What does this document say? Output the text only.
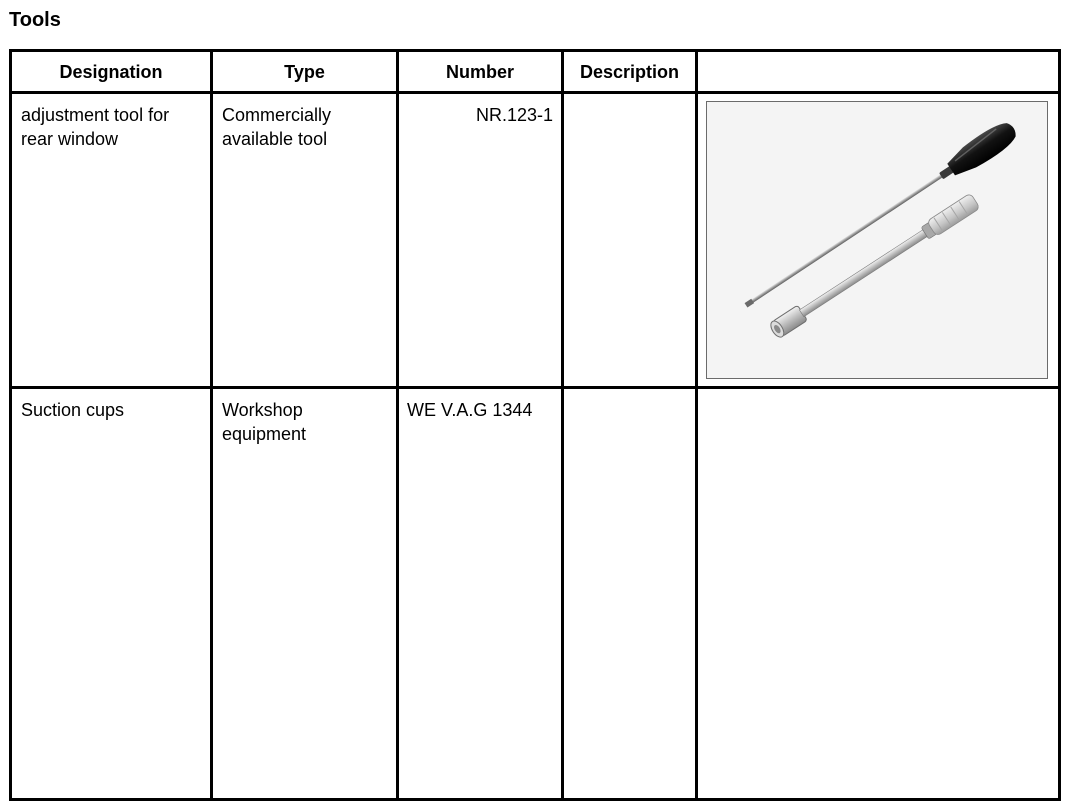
Tools
Designation	Type	Number	Description	

adjustment tool for rear window	Commercially available tool	NR.123-1

Suction cups	Workshop equipment	WE V.A.G 1344		
